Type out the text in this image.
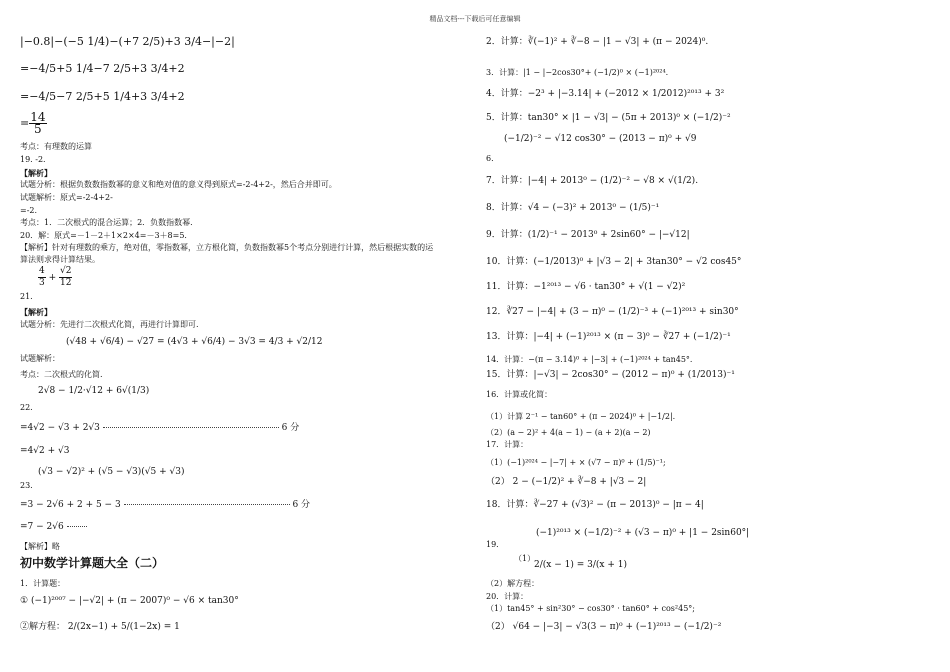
精品文档---下载后可任意编辑
|−0.8|−(−5 1/4)−(+7 2/5)+3 3/4−|−2|
=−4/5+5 1/4−7 2/5+3 3/4+2
=−4/5−7 2/5+5 1/4+3 3/4+2
= $\frac{14}{5}$
考点：有理数的运算
19. -2.
【解析】
试题分析：根据负数数指数幂的意义和绝对值的意义得到原式=-2-4+2-，然后合并即可。
试题解析：原式=-2-4+2-
=-2.
考点：1．二次根式的混合运算；2．负数指数幂．
20．解：原式=－1－2＋1×2×4=－3＋8=5．
【解析】针对有理数的乘方，绝对值，零指数幂，立方根化简，负数指数幂5个考点分别进行计算，然后根据实数的运
算法则求得计算结果。
$\frac{4}{3} + \frac{√2}{12}$
21.
【解析】
试题分析：先进行二次根式化简，再进行计算即可.
(√48 + √6/4) − √27 = (4√3 + √6/4) − 3√3 = 4/3 + √2/12
试题解析：
考点：二次根式的化简.
2√8 − 1/2·√12 + 6√(1/3)
22.
=4√2 − √3 + 2√3	6 分
=4√2 + √3
(√3 − √2)² + (√5 − √3)(√5 + √3)
23.
=3 − 2√6 + 2 + 5 − 3	6 分
=7 − 2√6
【解析】略
初中数学计算题大全（二）
1．计算题：
① (−1)²⁰⁰⁷ − |−√2| + (π − 2007)⁰ − √6 × tan30°
②解方程： 2/(2x−1) + 5/(1−2x) = 1
2．计算：∛(−1)² + ∛−8 − |1 − √3| + (π − 2024)⁰.
3．计算：|1 − |−2cos30°+ (−1/2)⁰ × (−1)²⁰²⁴.
4．计算：−2³ + |−3.14| + (−2012 × 1/2012)²⁰¹³ + 3²
5．计算：tan30° × |1 − √3| − (5π + 2013)⁰ × (−1/2)⁻²
(−1/2)⁻² − √12 cos30° − (2013 − π)⁰ + √9
6．
7．计算：|−4| + 2013⁰ − (1/2)⁻² − √8 × √(1/2).
8．计算：√4 − (−3)² + 2013⁰ − (1/5)⁻¹
9．计算：(1/2)⁻¹ − 2013⁰ + 2sin60° − |−√12|
10．计算：(−1/2013)⁰ + |√3 − 2| + 3tan30° − √2 cos45°
11．计算：−1²⁰¹³ − √6 · tan30° + √(1 − √2)²
12．∛27 − |−4| + (3 − π)⁰ − (1/2)⁻³ + (−1)²⁰¹³ + sin30°
13．计算：|−4| + (−1)²⁰¹³ × (π − 3)⁰ − ∛27 + (−1/2)⁻¹
14．计算：−(π − 3.14)⁰ + |−3| + (−1)²⁰²⁴ + tan45°.
15．计算：|−√3| − 2cos30° − (2012 − π)⁰ + (1/2013)⁻¹
16．计算或化简：
（1）计算 2⁻¹ − tan60° + (π − 2024)⁰ + |−1/2|.
（2）(a − 2)² + 4(a − 1) − (a + 2)(a − 2)
17．计算：
（1）(−1)²⁰²⁴ − |−7| + × (√7 − π)⁰ + (1/5)⁻¹;
（2） 2 − (−1/2)² + ∛−8 + |√3 − 2|
18．计算：∛−27 + (√3)² − (π − 2013)⁰ − |π − 4|
(−1)²⁰¹³ × (−1/2)⁻² + (√3 − π)⁰ + |1 − 2sin60°|
19．
（1）
2/(x − 1) = 3/(x + 1)
（2）解方程：
20．计算：
（1）tan45° + sin²30° − cos30° · tan60° + cos²45°;
（2） √64 − |−3| − √3(3 − π)⁰ + (−1)²⁰¹³ − (−1/2)⁻²
